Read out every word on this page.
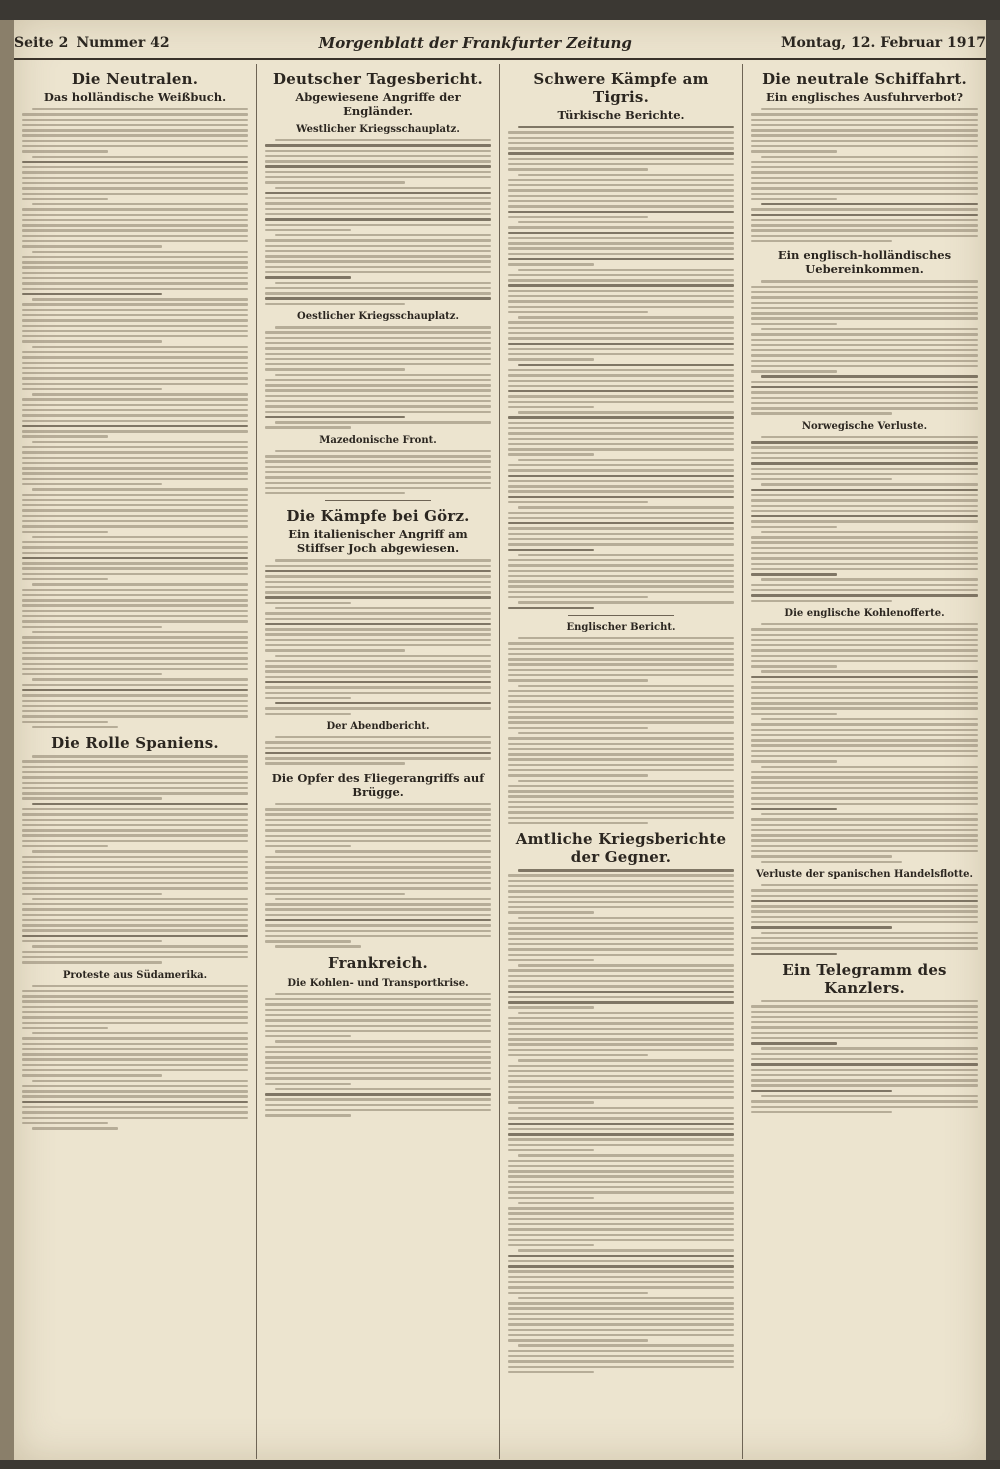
Seite 2 Nummer 42	Morgenblatt der Frankfurter Zeitung	Montag, 12. Februar 1917
Die Neutralen.
Das holländische Weißbuch.
Die Rolle Spaniens.
Proteste aus Südamerika.
Deutscher Tagesbericht.
Abgewiesene Angriffe der Engländer.
Westlicher Kriegsschauplatz.
Oestlicher Kriegsschauplatz.
Mazedonische Front.
Die Kämpfe bei Görz.
Ein italienischer Angriff am Stiffser Joch abgewiesen.
Der Abendbericht.
Die Opfer des Fliegerangriffs auf Brügge.
Frankreich.
Die Kohlen- und Transportkrise.
Schwere Kämpfe am Tigris.
Türkische Berichte.
Englischer Bericht.
Amtliche Kriegsberichte der Gegner.
Die neutrale Schiffahrt.
Ein englisches Ausfuhrverbot?
Ein englisch-holländisches Uebereinkommen.
Norwegische Verluste.
Die englische Kohlenofferte.
Verluste der spanischen Handelsflotte.
Ein Telegramm des Kanzlers.
